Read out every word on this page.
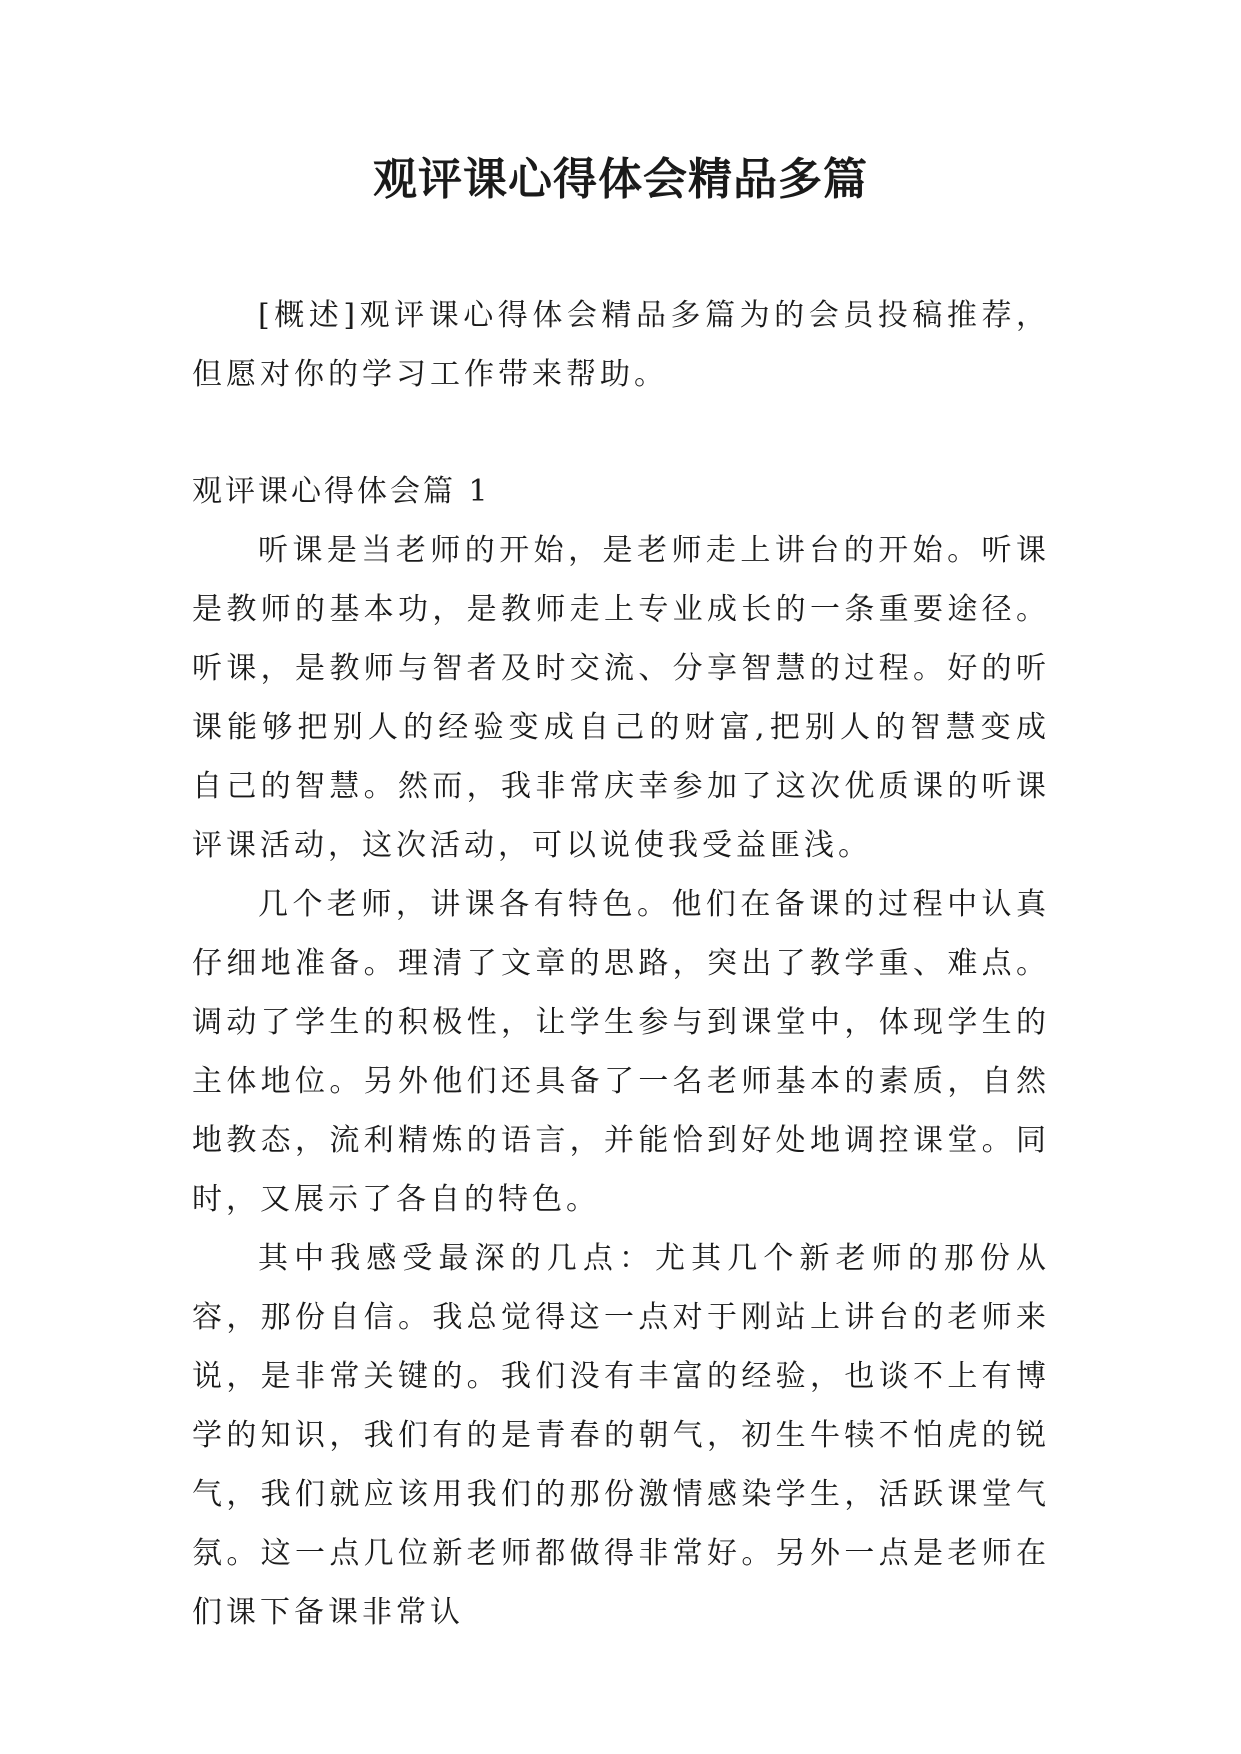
观评课心得体会精品多篇

[概述]观评课心得体会精品多篇为的会员投稿推荐，但愿对你的学习工作带来帮助。

观评课心得体会篇 1

听课是当老师的开始，是老师走上讲台的开始。听课是教师的基本功，是教师走上专业成长的一条重要途径。听课，是教师与智者及时交流、分享智慧的过程。好的听课能够把别人的经验变成自己的财富,把别人的智慧变成自己的智慧。然而，我非常庆幸参加了这次优质课的听课评课活动，这次活动，可以说使我受益匪浅。

几个老师，讲课各有特色。他们在备课的过程中认真仔细地准备。理清了文章的思路，突出了教学重、难点。调动了学生的积极性，让学生参与到课堂中，体现学生的主体地位。另外他们还具备了一名老师基本的素质，自然地教态，流利精炼的语言，并能恰到好处地调控课堂。同时，又展示了各自的特色。

其中我感受最深的几点：尤其几个新老师的那份从容，那份自信。我总觉得这一点对于刚站上讲台的老师来说，是非常关键的。我们没有丰富的经验，也谈不上有博学的知识，我们有的是青春的朝气，初生牛犊不怕虎的锐气，我们就应该用我们的那份激情感染学生，活跃课堂气氛。这一点几位新老师都做得非常好。另外一点是老师在们课下备课非常认
